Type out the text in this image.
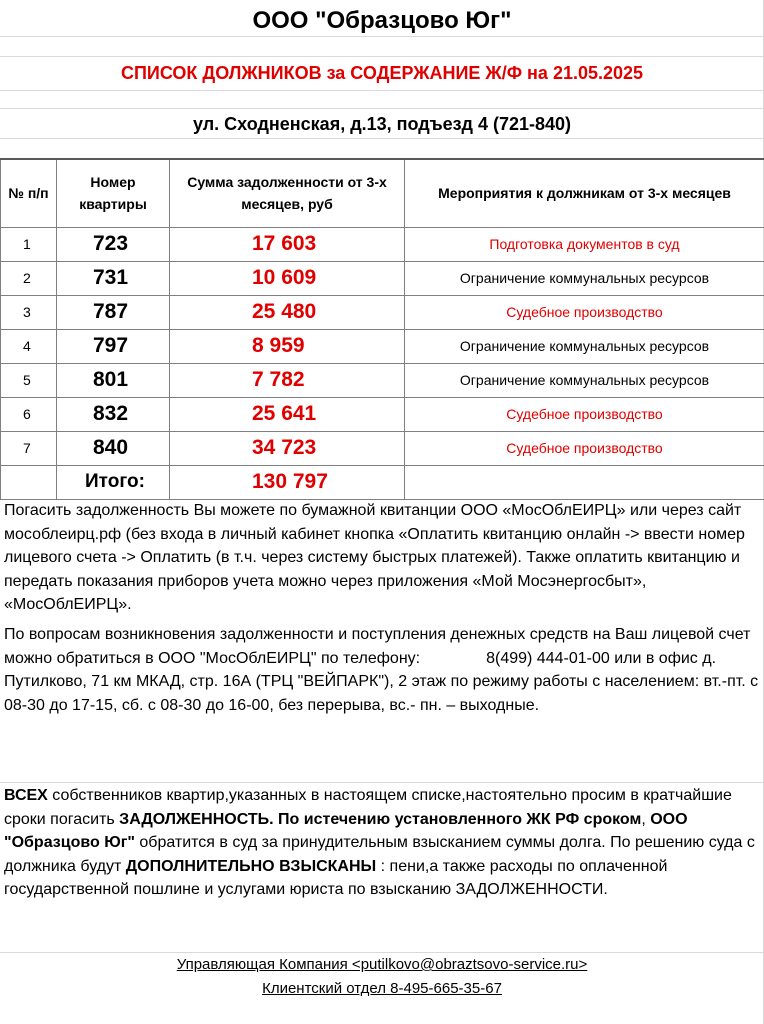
ООО "Образцово Юг"
СПИСОК ДОЛЖНИКОВ за СОДЕРЖАНИЕ Ж/Ф на 21.05.2025
ул. Сходненская, д.13, подъезд 4 (721-840)
№ п/п	Номер квартиры	Сумма задолженности от 3-х месяцев, руб	Мероприятия к должникам от 3-х месяцев
1	723	17 603	Подготовка документов в суд
2	731	10 609	Ограничение коммунальных ресурсов
3	787	25 480	Судебное производство
4	797	8 959	Ограничение коммунальных ресурсов
5	801	7 782	Ограничение коммунальных ресурсов
6	832	25 641	Судебное производство
7	840	34 723	Судебное производство
	Итого:	130 797	
Погасить задолженность Вы можете по бумажной квитанции ООО «МосОблЕИРЦ» или через сайт мособлеирц.рф (без входа в личный кабинет кнопка «Оплатить квитанцию онлайн -> ввести номер лицевого счета -> Оплатить (в т.ч. через систему быстрых платежей). Также оплатить квитанцию и передать показания приборов учета можно через приложения «Мой Мосэнергосбыт», «МосОблЕИРЦ».
По вопросам возникновения задолженности и поступления денежных средств на Ваш лицевой счет можно обратиться в ООО "МосОблЕИРЦ" по телефону:	8(499) 444-01-00 или в офис д. Путилково, 71 км МКАД, стр. 16А (ТРЦ "ВЕЙПАРК"), 2 этаж по режиму работы с населением: вт.-пт. с 08-30 до 17-15, сб. с 08-30 до 16-00, без перерыва, вс.- пн. – выходные.
ВСЕХ собственников квартир,указанных в настоящем списке,настоятельно просим в кратчайшие сроки погасить ЗАДОЛЖЕННОСТЬ. По истечению установленного ЖК РФ сроком, ООО "Образцово Юг" обратится в суд за принудительным взысканием суммы долга. По решению суда с должника будут ДОПОЛНИТЕЛЬНО ВЗЫСКАНЫ : пени,а также расходы по оплаченной государственной пошлине и услугами юриста по взысканию ЗАДОЛЖЕННОСТИ.
Управляющая Компания <putilkovo@obraztsovo-service.ru>
Клиентский отдел 8-495-665-35-67
